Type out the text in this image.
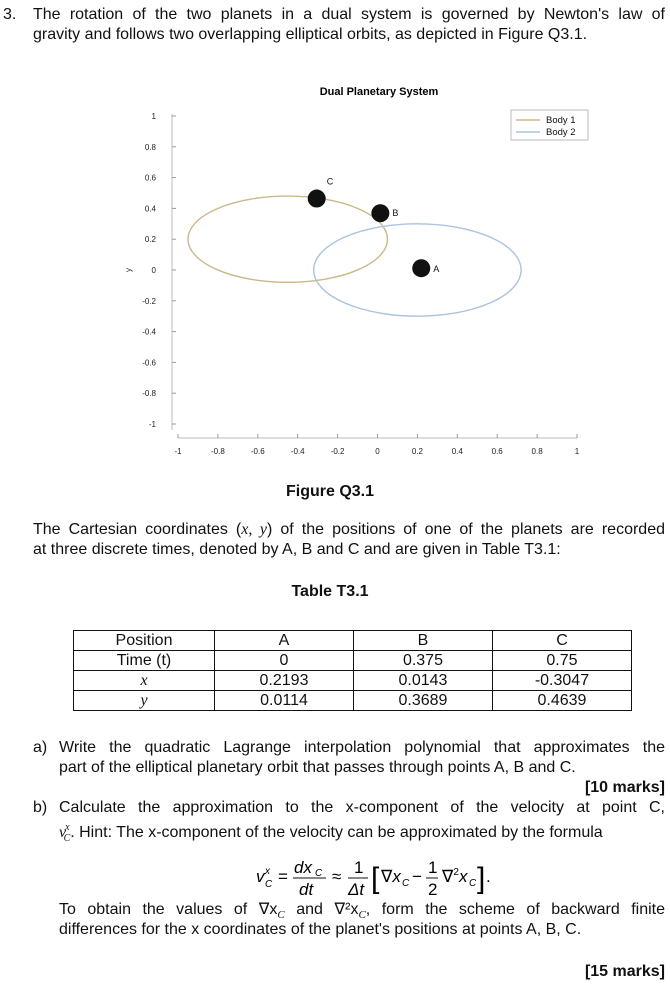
3. The rotation of the two planets in a dual system is governed by Newton's law of
gravity and follows two overlapping elliptical orbits, as depicted in Figure Q3.1.
Dual Planetary System
1
0.8
0.6
0.4
0.2
0
-0.2
-0.4
-0.6
-0.8
-1
-1	-0.8	-0.6	-0.4	-0.2	0	0.2	0.4	0.6	0.8	1
y	A
B
C
Body 1
Body 2
Figure Q3.1
The Cartesian coordinates (x, y) of the positions of one of the planets are recorded
at three discrete times, denoted by A, B and C and are given in Table T3.1:
Table T3.1
Position	A	B	C
Time (t)	0	0.375	0.75
x	0.2193	0.0143	-0.3047
y	0.0114	0.3689	0.4639
a) Write the quadratic Lagrange interpolation polynomial that approximates the
part of the elliptical planetary orbit that passes through points A, B and C.
[10 marks]
b) Calculate the approximation to the x-component of the velocity at point C,
$v^x_C$. Hint: The x-component of the velocity can be approximated by the formula
v x
C = dx C
dt
≈ 1
Δt [ ∇x C − 1
2
∇$^2$x C ] .
To obtain the values of $\nabla x_C$ and $\nabla^2x_C$, form the scheme of backward finite
differences for the x coordinates of the planet's positions at points A, B, C.
[15 marks]
